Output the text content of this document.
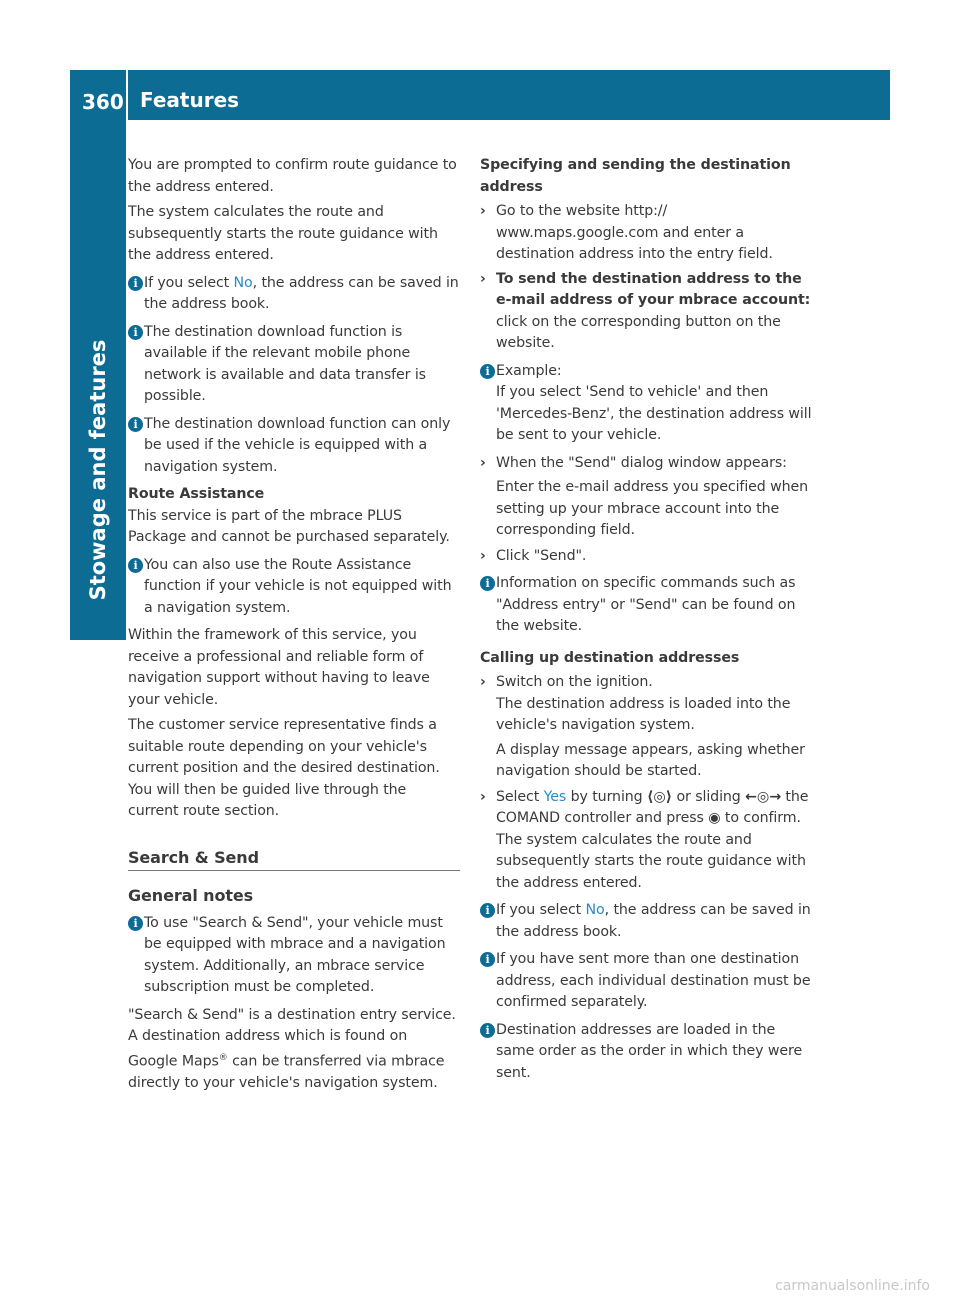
360 Features
Stowage and features

You are prompted to confirm route guidance to the address entered.

The system calculates the route and subsequently starts the route guidance with the address entered.

i If you select No, the address can be saved in the address book.
i The destination download function is available if the relevant mobile phone network is available and data transfer is possible.
i The destination download function can only be used if the vehicle is equipped with a navigation system.

Route Assistance

This service is part of the mbrace PLUS Package and cannot be purchased separately.

i You can also use the Route Assistance function if your vehicle is not equipped with a navigation system.

Within the framework of this service, you receive a professional and reliable form of navigation support without having to leave your vehicle.

The customer service representative finds a suitable route depending on your vehicle's current position and the desired destination. You will then be guided live through the current route section.

Search & Send

General notes

i To use "Search & Send", your vehicle must be equipped with mbrace and a navigation system. Additionally, an mbrace service subscription must be completed.

"Search & Send" is a destination entry service. A destination address which is found on Google Maps® can be transferred via mbrace directly to your vehicle's navigation system.

Specifying and sending the destination address

› Go to the website http:// www.maps.google.com and enter a destination address into the entry field.
› To send the destination address to the e-mail address of your mbrace account: click on the corresponding button on the website.
i Example:
If you select 'Send to vehicle' and then 'Mercedes-Benz', the destination address will be sent to your vehicle.
› When the "Send" dialog window appears:

Enter the e-mail address you specified when setting up your mbrace account into the corresponding field.

› Click "Send".
i Information on specific commands such as "Address entry" or "Send" can be found on the website.

Calling up destination addresses

› Switch on the ignition.
The destination address is loaded into the vehicle's navigation system.

A display message appears, asking whether navigation should be started.

› Select Yes by turning ⟨◎⟩ or sliding ←◎→ the COMAND controller and press ◉ to confirm.
The system calculates the route and subsequently starts the route guidance with the address entered.
i If you select No, the address can be saved in the address book.
i If you have sent more than one destination address, each individual destination must be confirmed separately.
i Destination addresses are loaded in the same order as the order in which they were sent.
carmanualsonline.info
